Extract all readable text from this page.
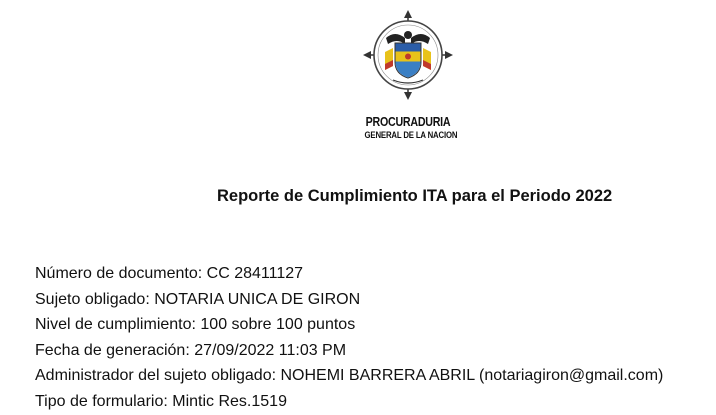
PROCURADURIA
GENERAL DE LA NACION
Reporte de Cumplimiento ITA para el Periodo 2022
Número de documento: CC 28411127
Sujeto obligado: NOTARIA UNICA DE GIRON
Nivel de cumplimiento: 100 sobre 100 puntos
Fecha de generación: 27/09/2022 11:03 PM
Administrador del sujeto obligado: NOHEMI BARRERA ABRIL (notariagiron@gmail.com)
Tipo de formulario: Mintic Res.1519
